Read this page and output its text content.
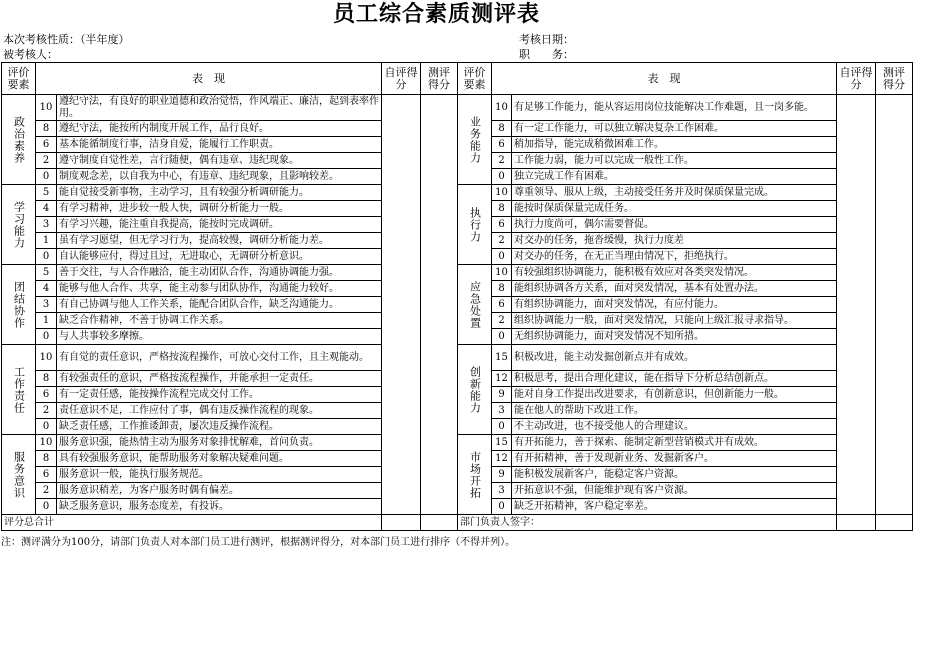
员工综合素质测评表
本次考核性质：（半年度）
被考核人：
考核日期：
职　　务：
评价要素	表　现		自评得分	测评得分	评价要素	表　现		自评得分	测评得分
政治素养	10	遵纪守法，有良好的职业道德和政治觉悟，作风端正、廉洁，起到表率作用。			业务能力	10	有足够工作能力，能从容运用岗位技能解决工作难题，且一岗多能。		
	8	遵纪守法，能按所内制度开展工作，品行良好。				8	有一定工作能力，可以独立解决复杂工作困难。		
	6	基本能循制度行事，洁身自爱，能履行工作职责。				6	稍加指导，能完成稍微困难工作。		
	2	遵守制度自觉性差，言行随便，偶有违章、违纪现象。				2	工作能力弱，能力可以完成一般性工作。		
	0	制度观念差，以自我为中心，有违章、违纪现象，且影响较差。				0	独立完成工作有困难。		
学习能力	5	能自觉接受新事物，主动学习，且有较强分析调研能力。			执行力	10	尊重领导、服从上级，主动接受任务并及时保质保量完成。		
	4	有学习精神，进步较一般人快，调研分析能力一般。				8	能按时保质保量完成任务。		
	3	有学习兴趣，能注重自我提高，能按时完成调研。				6	执行力度尚可，偶尔需要督促。		
	1	虽有学习愿望，但无学习行为，提高较慢，调研分析能力差。				2	对交办的任务，拖沓缓慢，执行力度差		
	0	自认能够应付，得过且过，无进取心，无调研分析意识。				0	对交办的任务，在无正当理由情况下，拒绝执行。		
团结协作	5	善于交往，与人合作融洽，能主动团队合作，沟通协调能力强。			应急处置	10	有较强组织协调能力，能积极有效应对各类突发情况。		
	4	能够与他人合作、共享，能主动参与团队协作，沟通能力较好。				8	能组织协调各方关系，面对突发情况，基本有处置办法。		
	3	有自己协调与他人工作关系，能配合团队合作，缺乏沟通能力。				6	有组织协调能力，面对突发情况，有应付能力。		
	1	缺乏合作精神，不善于协调工作关系。				2	组织协调能力一般，面对突发情况，只能向上级汇报寻求指导。		
	0	与人共事较多摩擦。				0	无组织协调能力，面对突发情况不知所措。		
工作责任	10	有自觉的责任意识，严格按流程操作，可放心交付工作，且主观能动。			创新能力	15	积极改进，能主动发掘创新点并有成效。		
	8	有较强责任的意识，严格按流程操作，并能承担一定责任。				12	积极思考，提出合理化建议，能在指导下分析总结创新点。		
	6	有一定责任感，能按操作流程完成交付工作。				9	能对自身工作提出改进要求，有创新意识，但创新能力一般。		
	2	责任意识不足，工作应付了事，偶有违反操作流程的现象。				3	能在他人的帮助下改进工作。		
	0	缺乏责任感，工作推诿卸责，屡次违反操作流程。				0	不主动改进，也不接受他人的合理建议。		
服务意识	10	服务意识强，能热情主动为服务对象排忧解难，首问负责。			市场开拓	15	有开拓能力，善于探索、能制定新型营销模式并有成效。		
	8	具有较强服务意识，能帮助服务对象解决疑难问题。				12	有开拓精神，善于发现新业务、发掘新客户。		
	6	服务意识一般，能执行服务规范。				9	能积极发展新客户，能稳定客户资源。		
	2	服务意识稍差，为客户服务时偶有偏差。				3	开拓意识不强，但能维护现有客户资源。		
	0	缺乏服务意识，服务态度差，有投诉。				0	缺乏开拓精神，客户稳定率差。		
评分总合计					部门负责人签字：				
注：测评满分为100分，请部门负责人对本部门员工进行测评，根据测评得分，对本部门员工进行排序（不得并列）。
